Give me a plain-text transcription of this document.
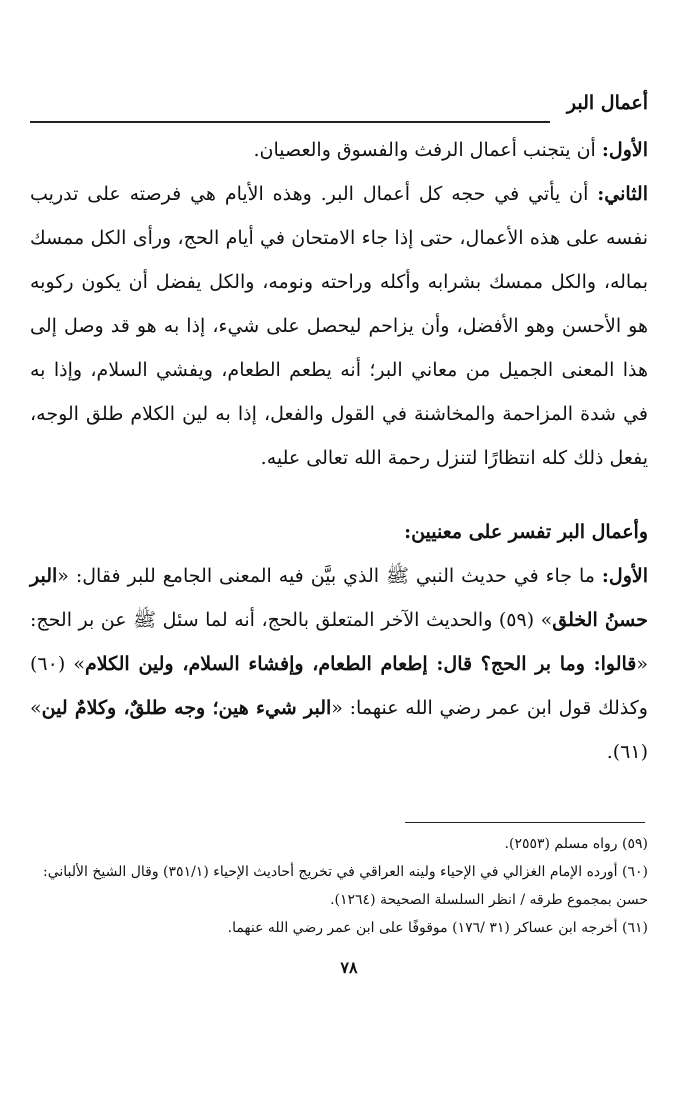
أعمال البر

الأول: أن يتجنب أعمال الرفث والفسوق والعصيان.

الثاني: أن يأتي في حجه كل أعمال البر. وهذه الأيام هي فرصته على تدريب نفسه على هذه الأعمال، حتى إذا جاء الامتحان في أيام الحج، ورأى الكل ممسك بماله، والكل ممسك بشرابه وأكله وراحته ونومه، والكل يفضل أن يكون ركوبه هو الأحسن وهو الأفضل، وأن يزاحم ليحصل على شيء، إذا به هو قد وصل إلى هذا المعنى الجميل من معاني البر؛ أنه يطعم الطعام، ويفشي السلام، وإذا به في شدة المزاحمة والمخاشنة في القول والفعل، إذا به لين الكلام طلق الوجه، يفعل ذلك كله انتظارًا لتنزل رحمة الله تعالى عليه.

وأعمال البر تفسر على معنيين:

الأول: ما جاء في حديث النبي ﷺ الذي بيَّن فيه المعنى الجامع للبر فقال: «البر حسنُ الخلق» (٥٩) والحديث الآخر المتعلق بالحج، أنه لما سئل ﷺ عن بر الحج: «قالوا: وما بر الحج؟ قال: إطعام الطعام، وإفشاء السلام، ولين الكلام» (٦٠) وكذلك قول ابن عمر رضي الله عنهما: «البر شيء هين؛ وجه طلقٌ، وكلامٌ لين» (٦١).

(٥٩) رواه مسلم (٢٥٥٣).

(٦٠) أورده الإمام الغزالي في الإحياء ولينه العراقي في تخريج أحاديث الإحياء (٣٥١/١) وقال الشيخ الألباني: حسن بمجموع طرقه / انظر السلسلة الصحيحة (١٢٦٤).

(٦١) أخرجه ابن عساكر (٣١ /١٧٦) موقوفًا على ابن عمر رضي الله عنهما.

٧٨
